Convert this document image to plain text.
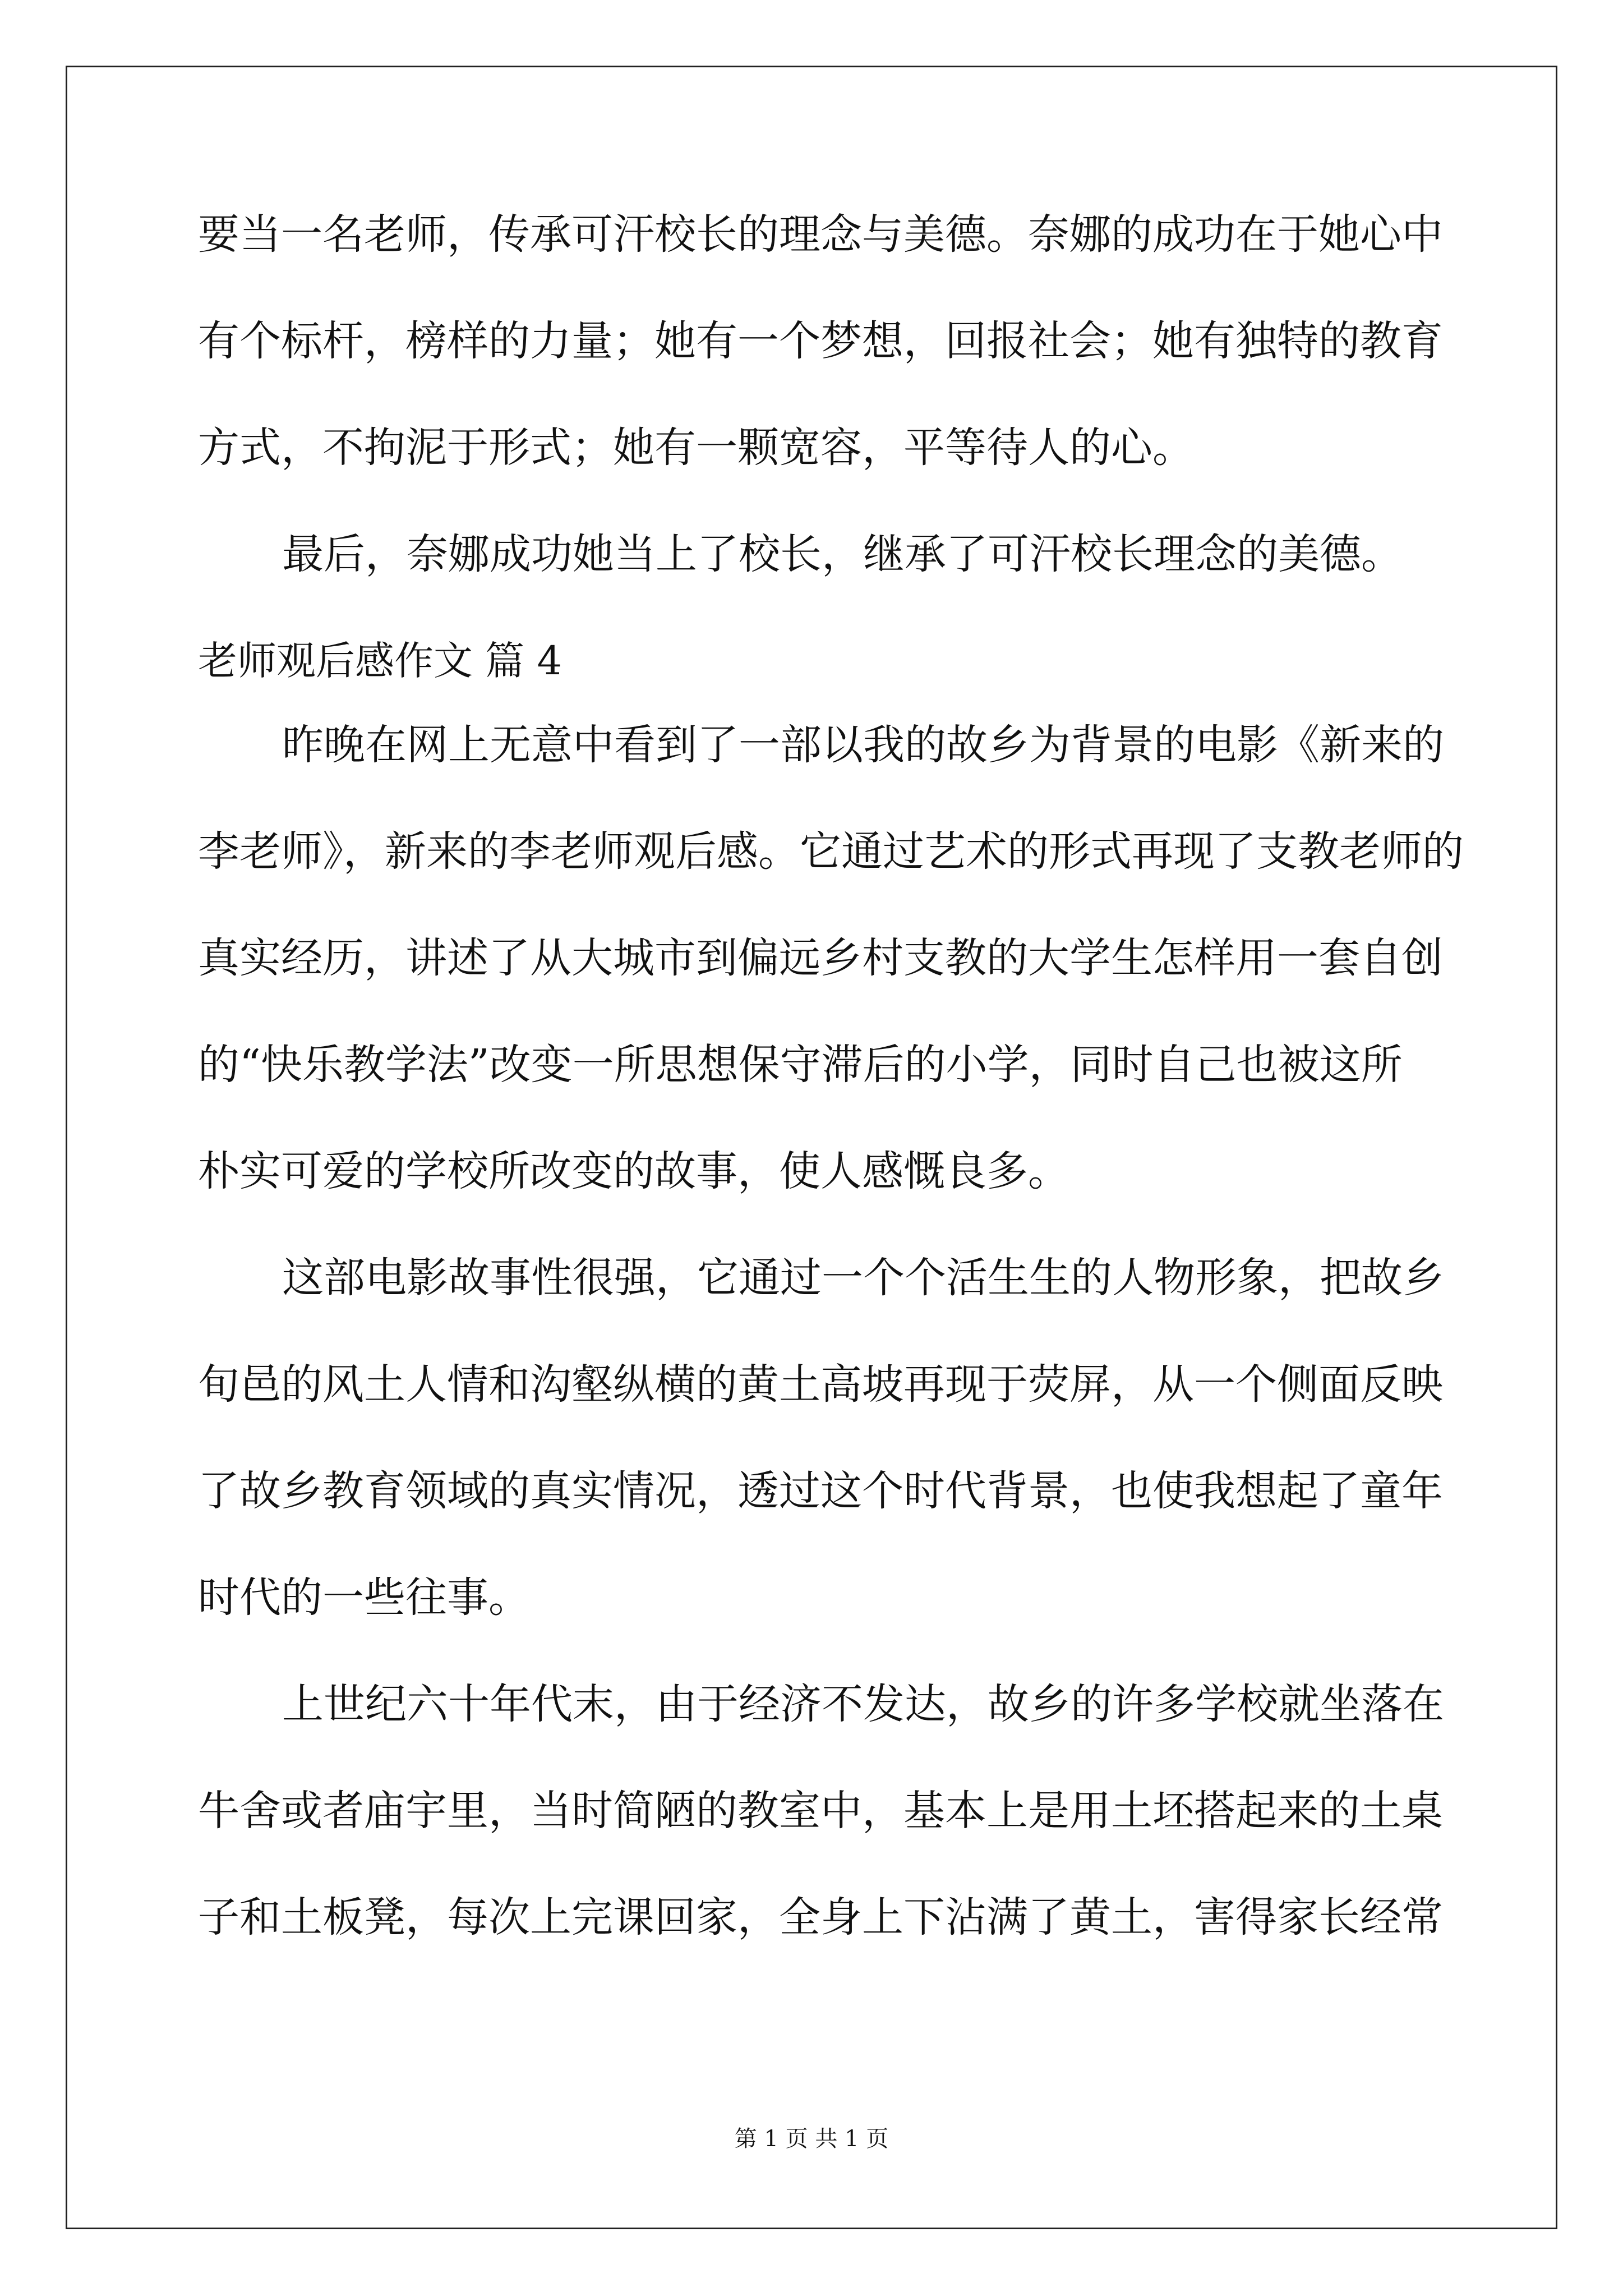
要当一名老师，传承可汗校长的理念与美德。奈娜的成功在于她心中
有个标杆，榜样的力量；她有一个梦想，回报社会；她有独特的教育
方式，不拘泥于形式；她有一颗宽容，平等待人的心。
最后，奈娜成功她当上了校长，继承了可汗校长理念的美德。
老师观后感作文 篇 4
昨晚在网上无意中看到了一部以我的故乡为背景的电影《新来的
李老师》，新来的李老师观后感。它通过艺术的形式再现了支教老师的
真实经历，讲述了从大城市到偏远乡村支教的大学生怎样用一套自创
的“快乐教学法”改变一所思想保守滞后的小学，同时自己也被这所
朴实可爱的学校所改变的故事，使人感慨良多。
这部电影故事性很强，它通过一个个活生生的人物形象，把故乡
旬邑的风土人情和沟壑纵横的黄土高坡再现于荧屏，从一个侧面反映
了故乡教育领域的真实情况，透过这个时代背景，也使我想起了童年
时代的一些往事。
上世纪六十年代末，由于经济不发达，故乡的许多学校就坐落在
牛舍或者庙宇里，当时简陋的教室中，基本上是用土坯搭起来的土桌
子和土板凳，每次上完课回家，全身上下沾满了黄土，害得家长经常
第 1 页 共 1 页
